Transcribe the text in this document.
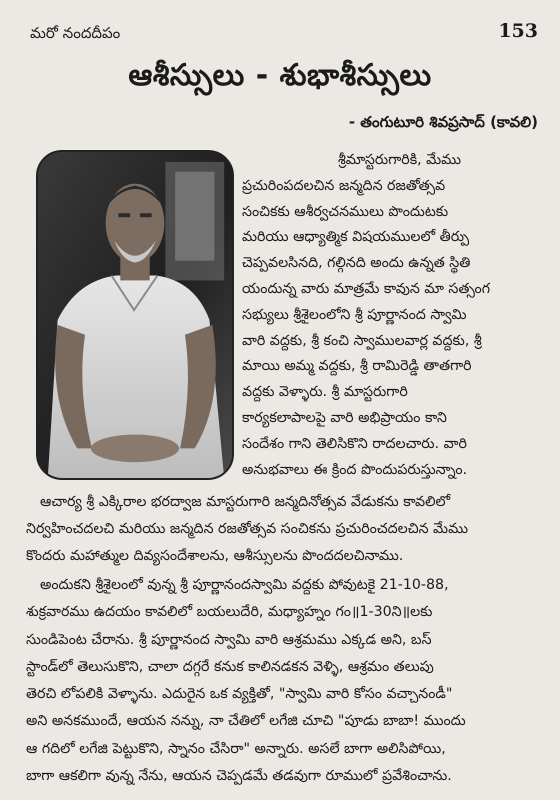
మరో నందదీపం	153
ఆశీస్సులు - శుభాశీస్సులు
- తంగుటూరి శివప్రసాద్ (కావలి)
శ్రీమాస్టరుగారికి, మేము
ప్రచురింపదలచిన జన్మదిన రజతోత్సవ
సంచికకు ఆశీర్వచనములు పొందుటకు
మరియు ఆధ్యాత్మిక విషయములలో తీర్పు
చెప్పవలసినది, గల్గినది అందు ఉన్నత స్థితి
యందున్న వారు మాత్రమే కావున మా సత్సంగ
సభ్యులు శ్రీశైలంలోని శ్రీ పూర్ణానంద స్వామి
వారి వద్దకు, శ్రీ కంచి స్వాములవార్ల వద్దకు, శ్రీ
మాయి అమ్మ వద్దకు, శ్రీ రామిరెడ్డి తాతగారి
వద్దకు వెళ్ళారు. శ్రీ మాస్టరుగారి
కార్యకలాపాలపై వారి అభిప్రాయం కాని
సందేశం గాని తెలిసికొని రాదలచారు. వారి
అనుభవాలు ఈ క్రింద పొందుపరుస్తున్నాం.
ఆచార్య శ్రీ ఎక్కిరాల భరద్వాజ మాస్టరుగారి జన్మదినోత్సవ వేడుకను కావలిలో
నిర్వహించదలచి మరియు జన్మదిన రజతోత్సవ సంచికను ప్రచురించదలచిన మేము
కొందరు మహాత్ముల దివ్యసందేశాలను, ఆశీస్సులను పొందదలచినాము.
అందుకని శ్రీశైలంలో వున్న శ్రీ పూర్ణానందస్వామి వద్దకు పోవుటకై 21-10-88,
శుక్రవారము ఉదయం కావలిలో బయలుదేరి, మధ్యాహ్నం గం॥1-30ని॥లకు
సుండిపెంట చేరాను. శ్రీ పూర్ణానంద స్వామి వారి ఆశ్రమము ఎక్కడ అని, బస్
స్టాండ్‌లో తెలుసుకొని, చాలా దగ్గరే కనుక కాలినడకన వెళ్ళి, ఆశ్రమం తలుపు
తెరచి లోపలికి వెళ్ళాను. ఎదురైన ఒక వ్యక్తితో, "స్వామి వారి కోసం వచ్చానండీ"
అని అనకముందే, ఆయన నన్ను, నా చేతిలో లగేజి చూచి "పూడు బాబా! ముందు
ఆ గదిలో లగేజి పెట్టుకొని, స్నానం చేసిరా" అన్నారు. అసలే బాగా అలిసిపోయి,
బాగా ఆకలిగా వున్న నేను, ఆయన చెప్పడమే తడవుగా రూములో ప్రవేశించాను.
